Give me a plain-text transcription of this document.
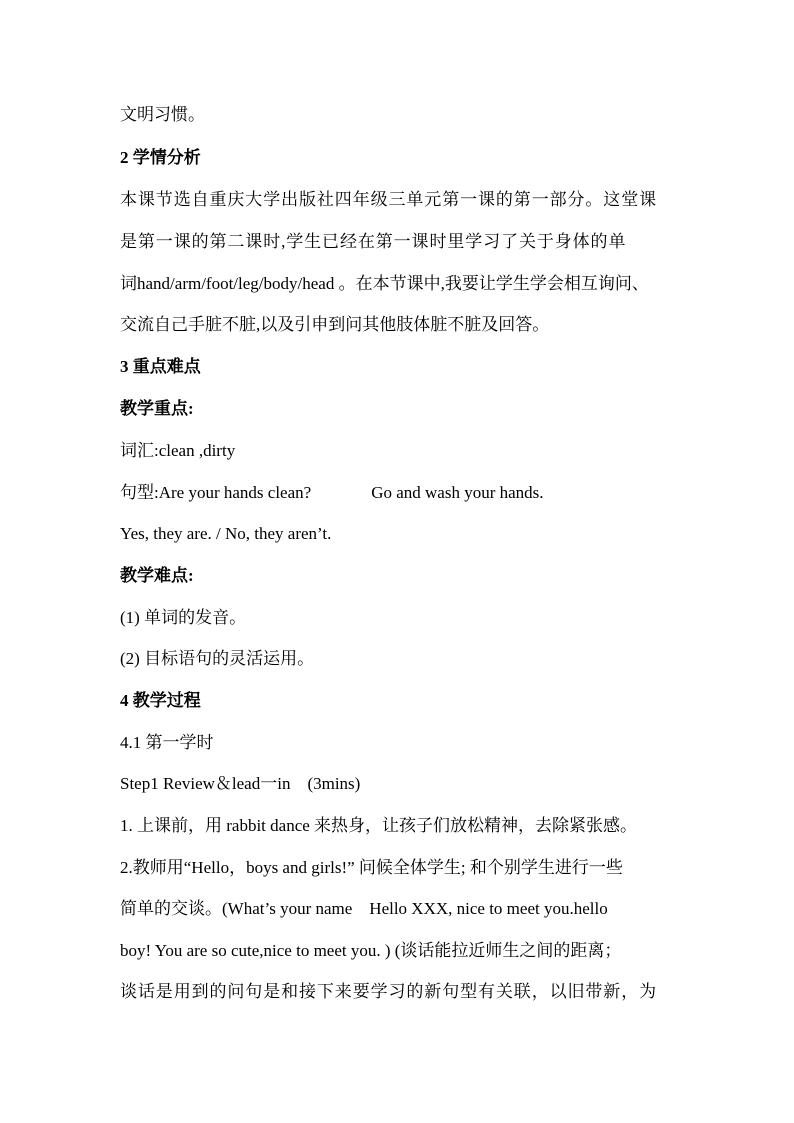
文明习惯。
2 学情分析
本课节选自重庆大学出版社四年级三单元第一课的第一部分。这堂课
是第一课的第二课时,学生已经在第一课时里学习了关于身体的单
词hand/arm/foot/leg/body/head 。在本节课中,我要让学生学会相互询问、
交流自己手脏不脏,以及引申到问其他肢体脏不脏及回答。
3 重点难点
教学重点:
词汇:clean ,dirty
句型:Are your hands clean?	Go and wash your hands.
Yes, they are. / No, they aren’t.
教学难点:
(1) 单词的发音。
(2) 目标语句的灵活运用。
4 教学过程
4.1 第一学时
Step1 Review＆lead一in    (3mins)
1. 上课前，用 rabbit dance 来热身，让孩子们放松精神，去除紧张感。
2.教师用“Hello，boys and girls!” 问候全体学生; 和个别学生进行一些
简单的交谈。(What’s your name    Hello XXX, nice to meet you.hello
boy! You are so cute,nice to meet you. ) (谈话能拉近师生之间的距离；
谈话是用到的问句是和接下来要学习的新句型有关联，以旧带新，为
